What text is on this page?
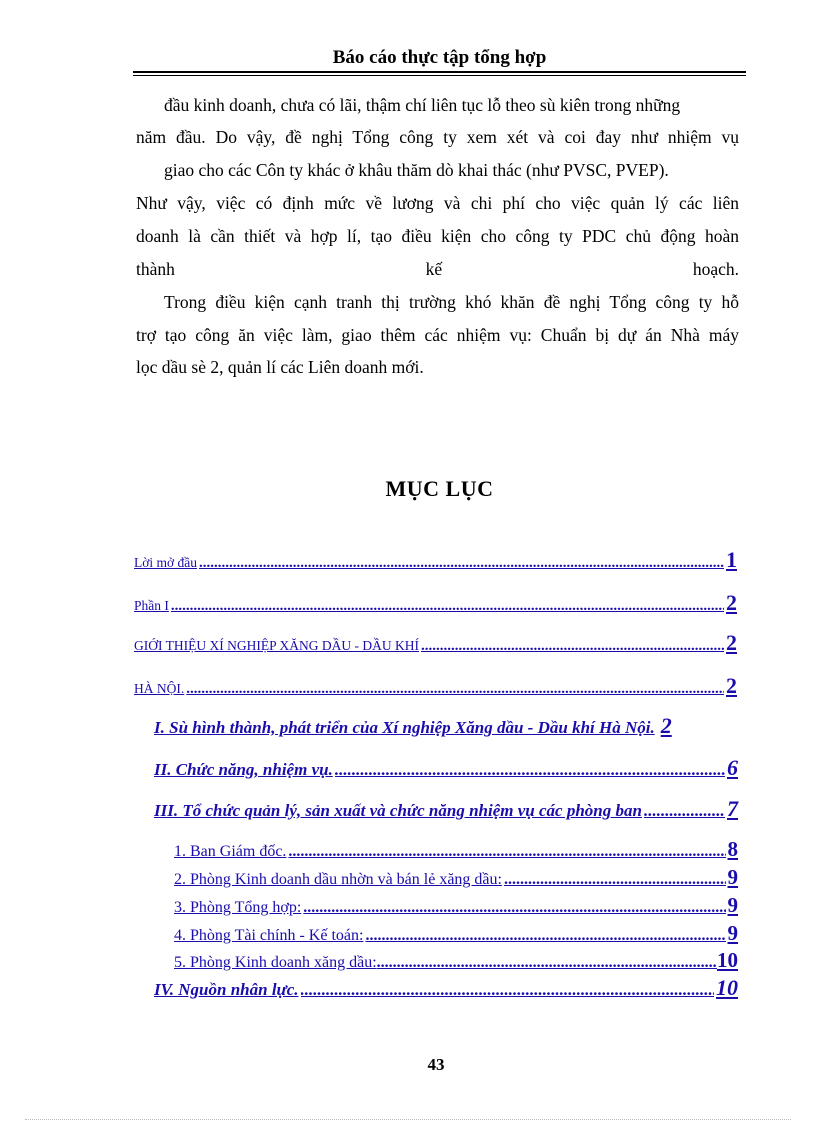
Báo cáo thực tập tổng hợp
đầu kinh doanh, chưa có lãi, thậm chí liên tục lỗ theo sù kiên trong những
năm đầu. Do vậy, đề nghị Tổng công ty xem xét và coi đay như nhiệm vụ
giao cho các Côn ty khác ở khâu thăm dò khai thác (như PVSC, PVEP).
Như vậy, việc có định mức về lương và chi phí cho việc quản lý các liên
doanh là cần thiết và hợp lí, tạo điều kiện cho công ty PDC chủ động hoàn
thành	kế	hoạch.
Trong điều kiện cạnh tranh thị trường khó khăn đề nghị Tổng công ty hỗ
trợ tạo công ăn việc làm, giao thêm các nhiệm vụ: Chuẩn bị dự án Nhà máy
lọc dầu sè 2, quản lí các Liên doanh mới.
MỤC LỤC
Lời mở đầu .....	1
Phần I .....	2
GIỚI THIỆU XÍ NGHIỆP XĂNG DẦU - DẦU KHÍ .....	2
HÀ NỘI. .....	2
I. Sù hình thành, phát triển của Xí nghiệp Xăng dầu - Dầu khí Hà Nội. 2
II. Chức năng, nhiệm vụ. .....	6
III. Tổ chức quản lý, sản xuất và chức năng nhiệm vụ các phòng ban .....	7
1. Ban Giám đốc. .....	8
2. Phòng Kinh doanh dầu nhờn và bán lẻ xăng dầu: .....	9
3. Phòng Tổng hợp: .....	9
4. Phòng Tài chính - Kế toán: .....	9
5. Phòng Kinh doanh xăng dầu: .....	10
IV. Nguồn nhân lực. .....	10
43
